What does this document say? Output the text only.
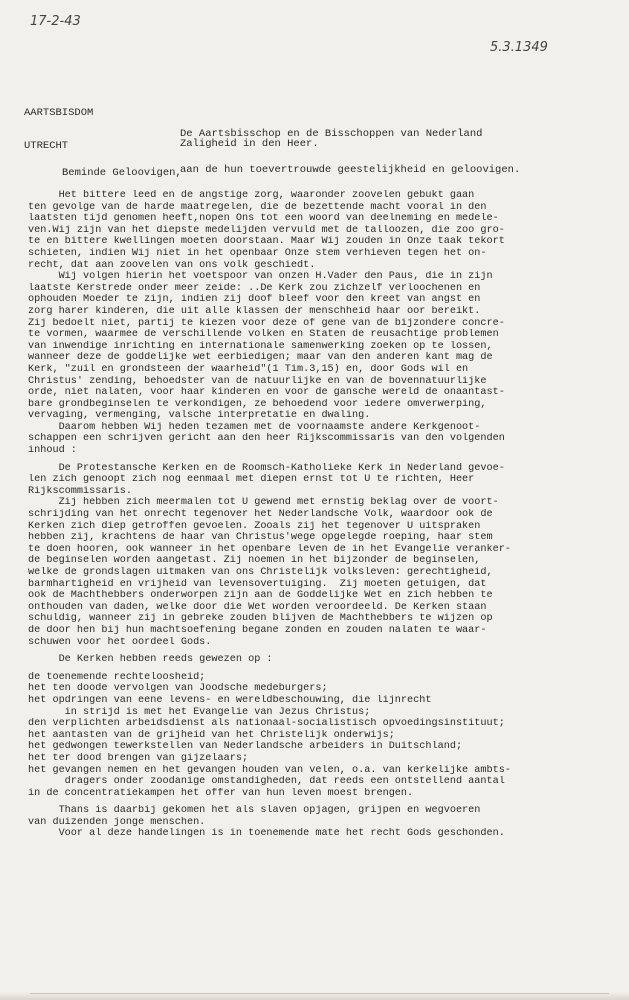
17-2-43
5.3.1349

AARTSBISDOM

UTRECHT

De Aartsbisschop en de Bisschoppen van Nederland

aan de hun toevertrouwde geestelijkheid en geloovigen.

Zaligheid in den Heer.
Beminde Geloovigen,
Het bittere leed en de angstige zorg, waaronder zoovelen gebukt gaan
ten gevolge van de harde maatregelen, die de bezettende macht vooral in den
laatsten tijd genomen heeft,nopen Ons tot een woord van deelneming en medele-
ven.Wij zijn van het diepste medelijden vervuld met de talloozen, die zoo gro-
te en bittere kwellingen moeten doorstaan. Maar Wij zouden in Onze taak tekort
schieten, indien Wij niet in het openbaar Onze stem verhieven tegen het on-
recht, dat aan zoovelen van ons volk geschiedt.
Wij volgen hierin het voetspoor van onzen H.Vader den Paus, die in zijn
laatste Kerstrede onder meer zeide: ..De Kerk zou zichzelf verloochenen en
ophouden Moeder te zijn, indien zij doof bleef voor den kreet van angst en
zorg harer kinderen, die uit alle klassen der menschheid haar oor bereikt.
Zij bedoelt niet, partij te kiezen voor deze of gene van de bijzondere concre-
te vormen, waarmee de verschillende volken en Staten de reusachtige problemen
van inwendige inrichting en internationale samenwerking zoeken op te lossen,
wanneer deze de goddelijke wet eerbiedigen; maar van den anderen kant mag de
Kerk, "zuil en grondsteen der waarheid"(1 Tim.3,15) en, door Gods wil en
Christus' zending, behoedster van de natuurlijke en van de bovennatuurlijke
orde, niet nalaten, voor haar kinderen en voor de gansche wereld de onaantast-
bare grondbeginselen te verkondigen, ze behoedend voor iedere omverwerping,
vervaging, vermenging, valsche interpretatie en dwaling.
Daarom hebben Wij heden tezamen met de voornaamste andere Kerkgenoot-
schappen een schrijven gericht aan den heer Rijkscommissaris van den volgenden
inhoud :
De Protestansche Kerken en de Roomsch-Katholieke Kerk in Nederland gevoe-
len zich genoopt zich nog eenmaal met diepen ernst tot U te richten, Heer
Rijkscommissaris.
Zij hebben zich meermalen tot U gewend met ernstig beklag over de voort-
schrijding van het onrecht tegenover het Nederlandsche Volk, waardoor ook de
Kerken zich diep getroffen gevoelen. Zooals zij het tegenover U uitspraken
hebben zij, krachtens de haar van Christus'wege opgelegde roeping, haar stem
te doen hooren, ook wanneer in het openbare leven de in het Evangelie veranker-
de beginselen worden aangetast. Zij noemen in het bijzonder de beginselen,
welke de grondslagen uitmaken van ons Christelijk volksleven: gerechtigheid,
barmhartigheid en vrijheid van levensovertuiging.  Zij moeten getuigen, dat
ook de Machthebbers onderworpen zijn aan de Goddelijke Wet en zich hebben te
onthouden van daden, welke door die Wet worden veroordeeld. De Kerken staan
schuldig, wanneer zij in gebreke zouden blijven de Machthebbers te wijzen op
de door hen bij hun machtsoefening begane zonden en zouden nalaten te waar-
schuwen voor het oordeel Gods.
De Kerken hebben reeds gewezen op :
de toenemende rechteloosheid;
het ten doode vervolgen van Joodsche medeburgers;
het opdringen van eene levens- en wereldbeschouwing, die lijnrecht
in strijd is met het Evangelie van Jezus Christus;
den verplichten arbeidsdienst als nationaal-socialistisch opvoedingsinstituut;
het aantasten van de grijheid van het Christelijk onderwijs;
het gedwongen tewerkstellen van Nederlandsche arbeiders in Duitschland;
het ter dood brengen van gijzelaars;
het gevangen nemen en het gevangen houden van velen, o.a. van kerkelijke ambts-
dragers onder zoodanige omstandigheden, dat reeds een ontstellend aantal
in de concentratiekampen het offer van hun leven moest brengen.
Thans is daarbij gekomen het als slaven opjagen, grijpen en wegvoeren
van duizenden jonge menschen.
Voor al deze handelingen is in toenemende mate het recht Gods geschonden.
